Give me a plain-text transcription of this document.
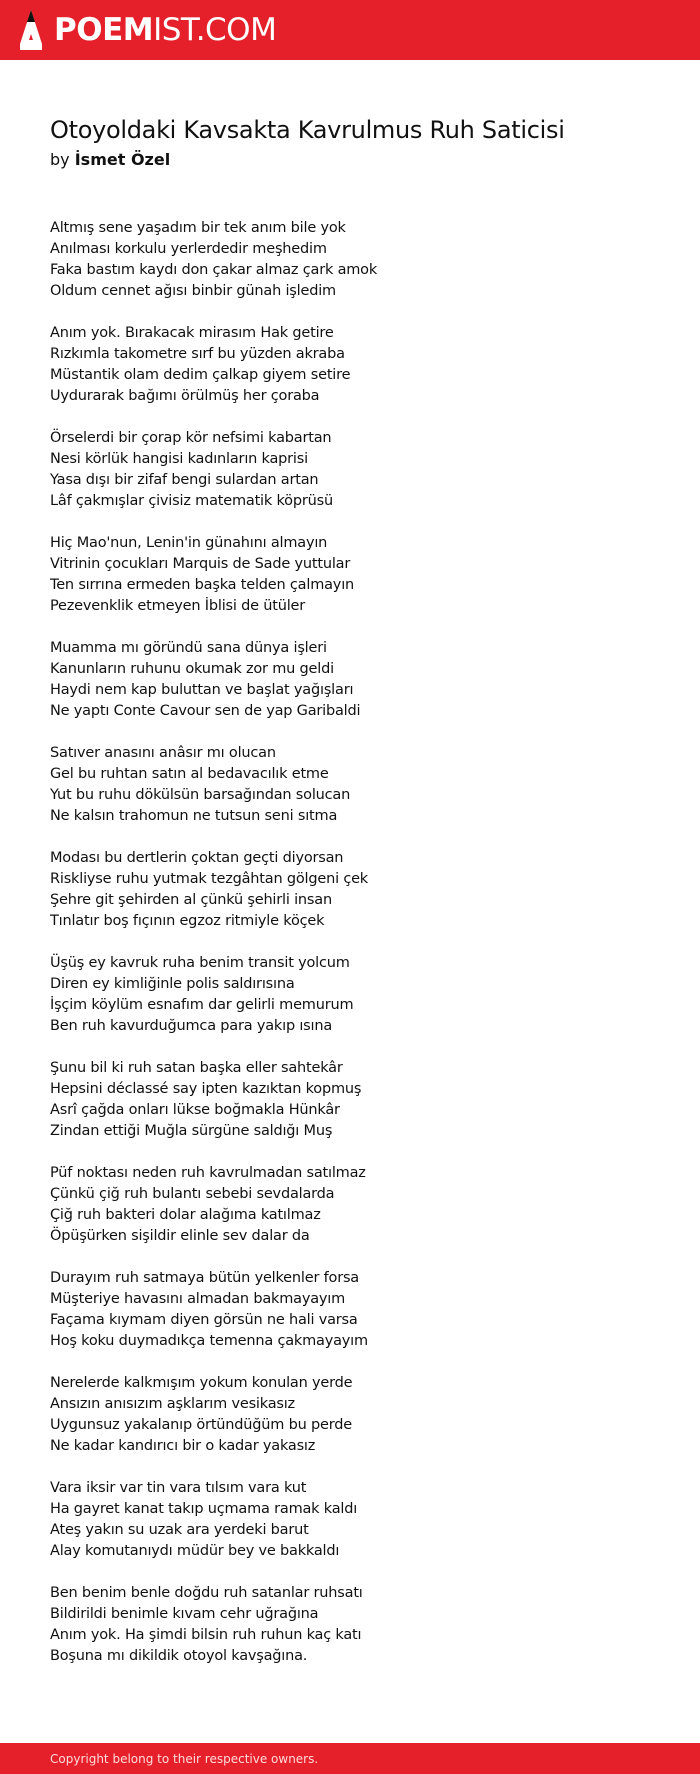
POEMIST.COM
Otoyoldaki Kavsakta Kavrulmus Ruh Saticisi
by İsmet Özel
Altmış sene yaşadım bir tek anım bile yok
Anılması korkulu yerlerdedir meşhedim
Faka bastım kaydı don çakar almaz çark amok
Oldum cennet ağısı binbir günah işledim
Anım yok. Bırakacak mirasım Hak getire
Rızkımla takometre sırf bu yüzden akraba
Müstantik olam dedim çalkap giyem setire
Uydurarak bağımı örülmüş her çoraba
Örselerdi bir çorap kör nefsimi kabartan
Nesi körlük hangisi kadınların kaprisi
Yasa dışı bir zifaf bengi sulardan artan
Lâf çakmışlar çivisiz matematik köprüsü
Hiç Mao'nun, Lenin'in günahını almayın
Vitrinin çocukları Marquis de Sade yuttular
Ten sırrına ermeden başka telden çalmayın
Pezevenklik etmeyen İblisi de ütüler
Muamma mı göründü sana dünya işleri
Kanunların ruhunu okumak zor mu geldi
Haydi nem kap buluttan ve başlat yağışları
Ne yaptı Conte Cavour sen de yap Garibaldi
Satıver anasını anâsır mı olucan
Gel bu ruhtan satın al bedavacılık etme
Yut bu ruhu dökülsün barsağından solucan
Ne kalsın trahomun ne tutsun seni sıtma
Modası bu dertlerin çoktan geçti diyorsan
Riskliyse ruhu yutmak tezgâhtan gölgeni çek
Şehre git şehirden al çünkü şehirli insan
Tınlatır boş fıçının egzoz ritmiyle köçek
Üşüş ey kavruk ruha benim transit yolcum
Diren ey kimliğinle polis saldırısına
İşçim köylüm esnafım dar gelirli memurum
Ben ruh kavurduğumca para yakıp ısına
Şunu bil ki ruh satan başka eller sahtekâr
Hepsini déclassé say ipten kazıktan kopmuş
Asrî çağda onları lükse boğmakla Hünkâr
Zindan ettiği Muğla sürgüne saldığı Muş
Püf noktası neden ruh kavrulmadan satılmaz
Çünkü çiğ ruh bulantı sebebi sevdalarda
Çiğ ruh bakteri dolar alağıma katılmaz
Öpüşürken sişildir elinle sev dalar da
Durayım ruh satmaya bütün yelkenler forsa
Müşteriye havasını almadan bakmayayım
Façama kıymam diyen görsün ne hali varsa
Hoş koku duymadıkça temenna çakmayayım
Nerelerde kalkmışım yokum konulan yerde
Ansızın anısızım aşklarım vesikasız
Uygunsuz yakalanıp örtündüğüm bu perde
Ne kadar kandırıcı bir o kadar yakasız
Vara iksir var tin vara tılsım vara kut
Ha gayret kanat takıp uçmama ramak kaldı
Ateş yakın su uzak ara yerdeki barut
Alay komutanıydı müdür bey ve bakkaldı
Ben benim benle doğdu ruh satanlar ruhsatı
Bildirildi benimle kıvam cehr uğrağına
Anım yok. Ha şimdi bilsin ruh ruhun kaç katı
Boşuna mı dikildik otoyol kavşağına.
Copyright belong to their respective owners.
